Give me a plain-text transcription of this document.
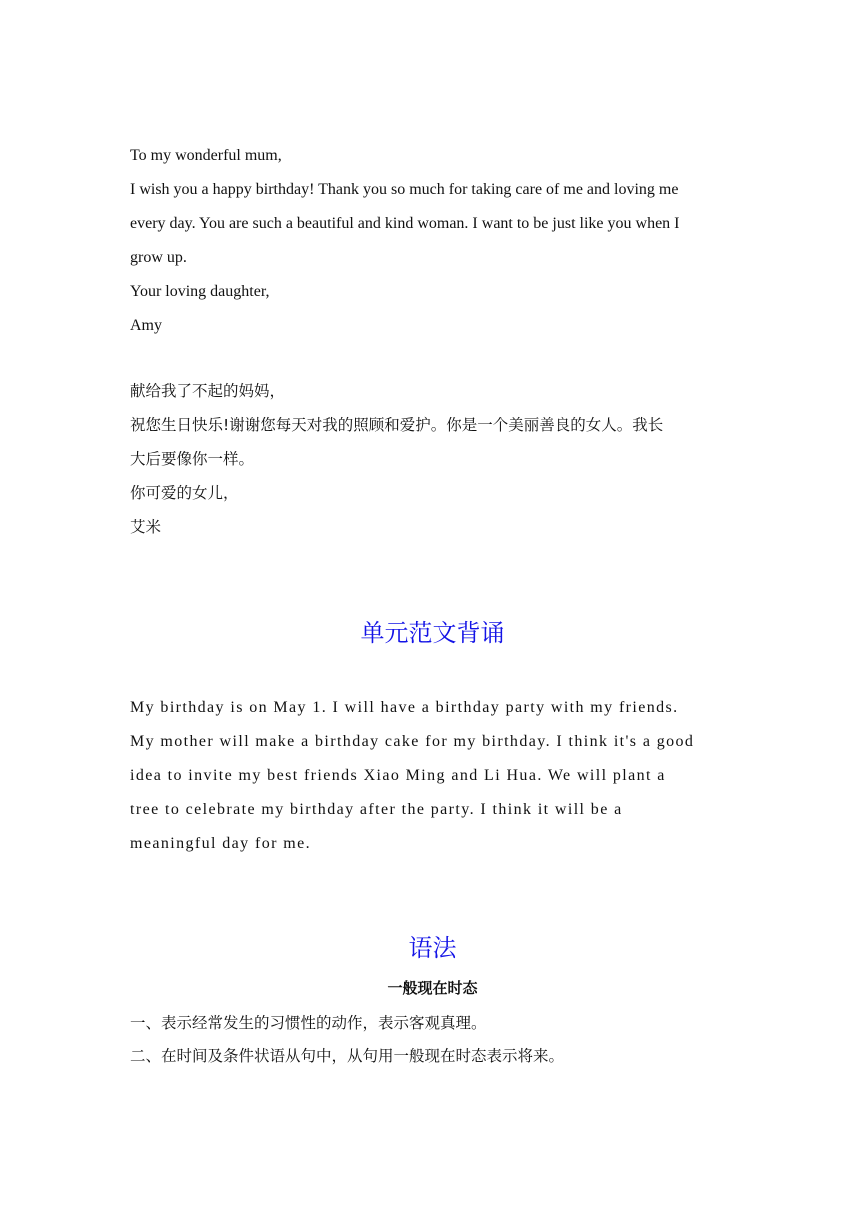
To my wonderful mum,
I wish you a happy birthday! Thank you so much for taking care of me and loving me
every day. You are such a beautiful and kind woman. I want to be just like you when I
grow up.
Your loving daughter,
Amy
献给我了不起的妈妈，
祝您生日快乐!谢谢您每天对我的照顾和爱护。你是一个美丽善良的女人。我长
大后要像你一样。
你可爱的女儿，
艾米
单元范文背诵
My birthday is on May 1. I will have a birthday party with my friends.
My mother will make a birthday cake for my birthday. I think it's a good
idea to invite my best friends Xiao Ming and Li Hua. We will plant a
tree to celebrate my birthday after the party. I think it will be a
meaningful day for me.
语法
一般现在时态
一、表示经常发生的习惯性的动作，表示客观真理。
二、在时间及条件状语从句中，从句用一般现在时态表示将来。
